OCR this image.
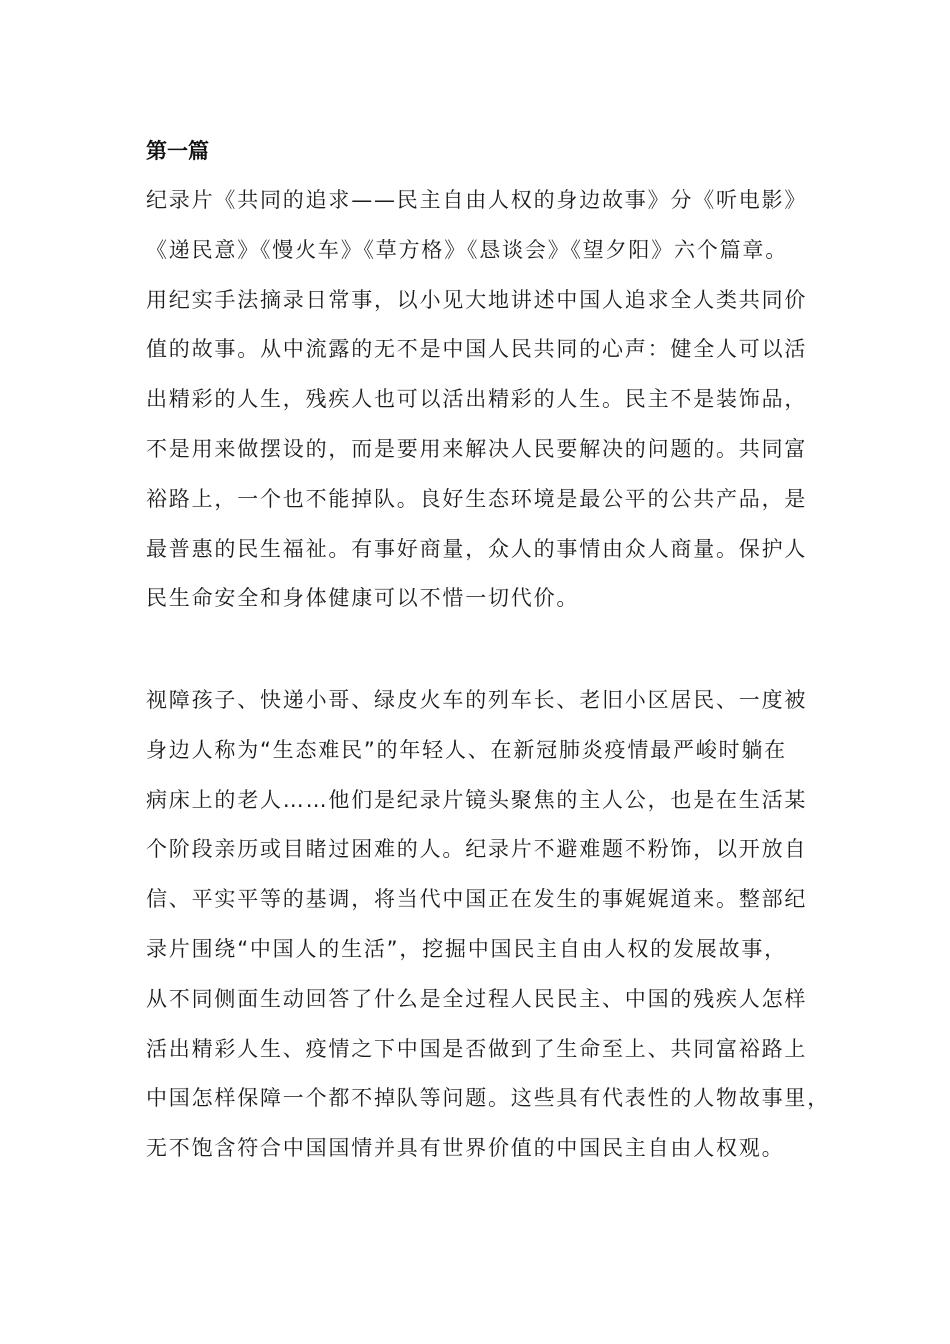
第一篇

纪录片《共同的追求——民主自由人权的身边故事》分《听电影》
《递民意》《慢火车》《草方格》《恳谈会》《望夕阳》六个篇章。
用纪实手法摘录日常事，以小见大地讲述中国人追求全人类共同价
值的故事。从中流露的无不是中国人民共同的心声：健全人可以活
出精彩的人生，残疾人也可以活出精彩的人生。民主不是装饰品，
不是用来做摆设的，而是要用来解决人民要解决的问题的。共同富
裕路上，一个也不能掉队。良好生态环境是最公平的公共产品，是
最普惠的民生福祉。有事好商量，众人的事情由众人商量。保护人
民生命安全和身体健康可以不惜一切代价。

视障孩子、快递小哥、绿皮火车的列车长、老旧小区居民、一度被
身边人称为“生态难民”的年轻人、在新冠肺炎疫情最严峻时躺在
病床上的老人……他们是纪录片镜头聚焦的主人公，也是在生活某
个阶段亲历或目睹过困难的人。纪录片不避难题不粉饰，以开放自
信、平实平等的基调，将当代中国正在发生的事娓娓道来。整部纪
录片围绕“中国人的生活”，挖掘中国民主自由人权的发展故事，
从不同侧面生动回答了什么是全过程人民民主、中国的残疾人怎样
活出精彩人生、疫情之下中国是否做到了生命至上、共同富裕路上
中国怎样保障一个都不掉队等问题。这些具有代表性的人物故事里，
无不饱含符合中国国情并具有世界价值的中国民主自由人权观。
